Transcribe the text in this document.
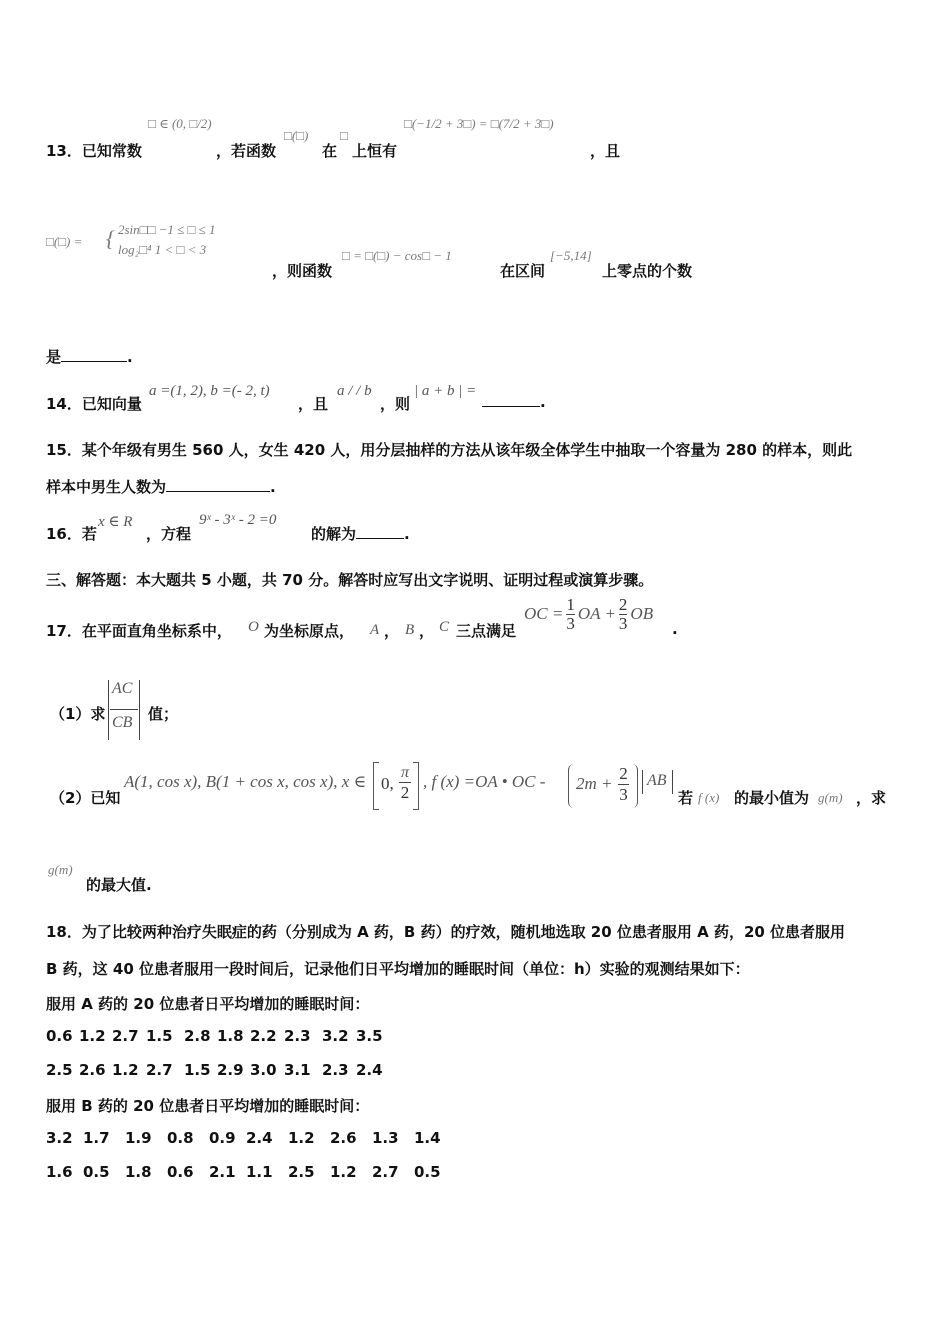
□ ∈ (0, □/2)	□(−1/2 + 3□) = □(7/2 + 3□)
13．已知常数	，若函数
□(□)
在
□
上恒有	，且
□(□) = { 2sin□□ −1 ≤ □ ≤ 1
log₂□⁴ 1 < □ < 3
，则函数
□ = □(□) − cos□ − 1
在区间
[−5,14]
上零点的个数
是	.
14．已知向量
a =(1, 2), b =(- 2, t)
，且
a / / b
，则
| a + b | =
.
15．某个年级有男生 560 人，女生 420 人，用分层抽样的方法从该年级全体学生中抽取一个容量为 280 的样本，则此
样本中男生人数为	.
16．若
x ∈ R
，方程
9ˣ - 3ˣ - 2 =0
的解为	.
三、解答题：本大题共 5 小题，共 70 分。解答时应写出文字说明、证明过程或演算步骤。
17．在平面直角坐标系中， O 为坐标原点， A ， B ， C 三点满足
OC = $\frac{1}{3}$ OA + $\frac{2}{3}$ OB
.
（1）求
AC
CB 值；
（2）已知
A(1, cos x), B(1 + cos x, cos x), x ∈ 0,
π
2
, f (x) =OA • OC - 2m +
2
3
AB
若 f (x) 的最小值为 g(m) ，求
g(m)
的最大值.
18．为了比较两种治疗失眠症的药（分别成为 A 药，B 药）的疗效，随机地选取 20 位患者服用 A 药，20 位患者服用
B 药，这 40 位患者服用一段时间后，记录他们日平均增加的睡眠时间（单位：h）实验的观测结果如下：
服用 A 药的 20 位患者日平均增加的睡眠时间：
0.6 1.2 2.7 1.5 2.8 1.8 2.2 2.3 3.2 3.5
2.5 2.6 1.2 2.7 1.5 2.9 3.0 3.1 2.3 2.4
服用 B 药的 20 位患者日平均增加的睡眠时间：
3.2 1.7 1.9 0.8 0.9 2.4 1.2 2.6 1.3 1.4
1.6 0.5 1.8 0.6 2.1 1.1 2.5 1.2 2.7 0.5
